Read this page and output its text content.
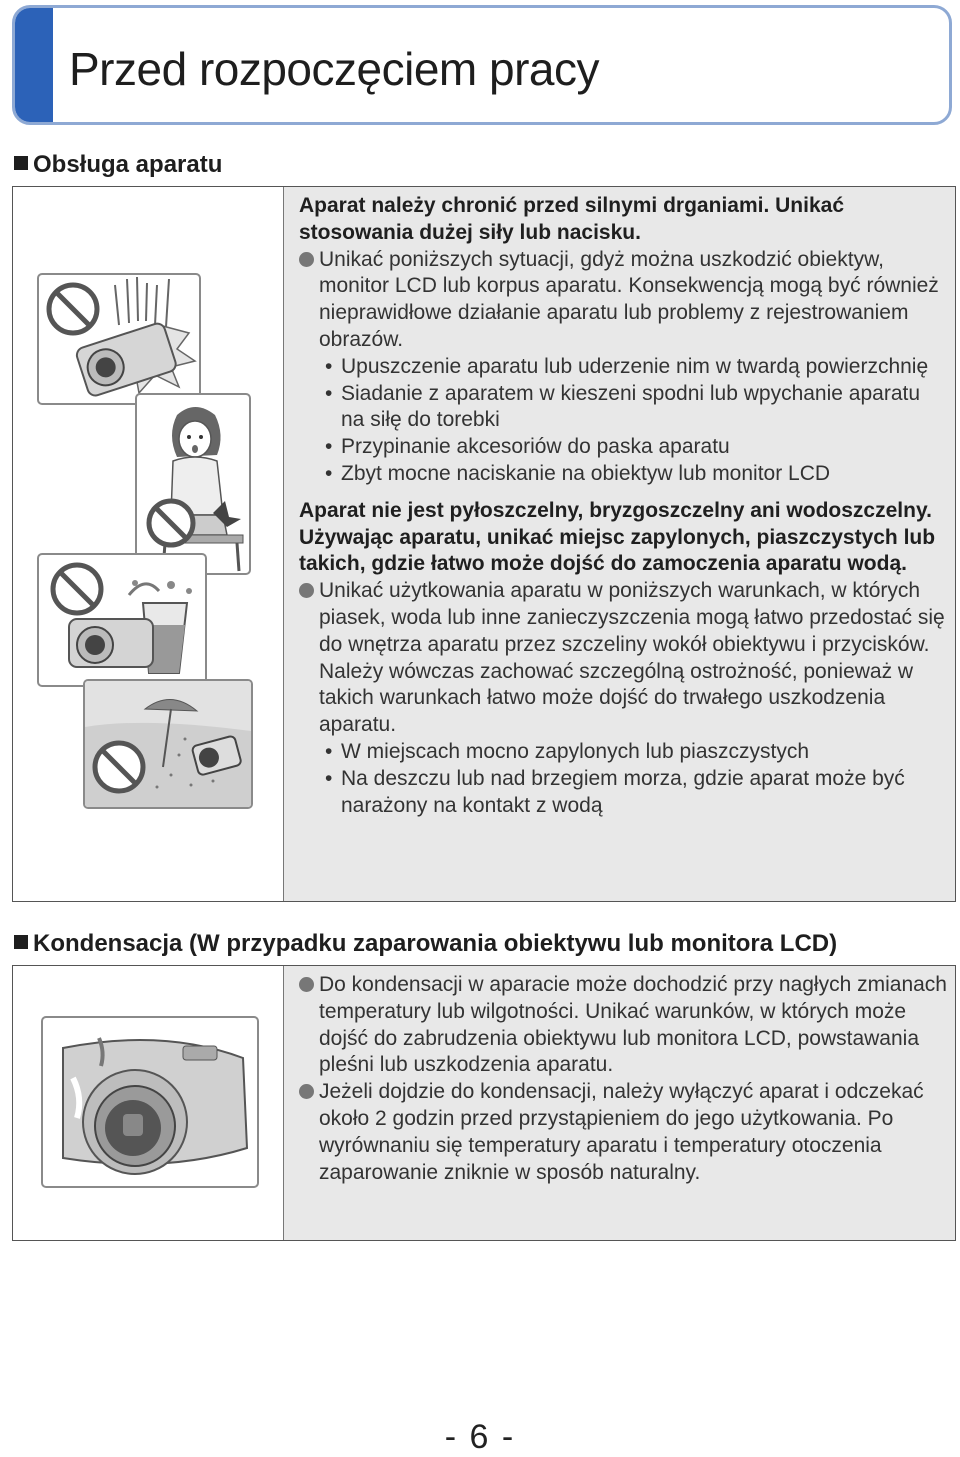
Przed rozpoczęciem pracy
Obsługa aparatu

Aparat należy chronić przed silnymi drganiami. Unikać stosowania dużej siły lub nacisku.

Unikać poniższych sytuacji, gdyż można uszkodzić obiektyw, monitor LCD lub korpus aparatu. Konsekwencją mogą być również nieprawidłowe działanie aparatu lub problemy z rejestrowaniem obrazów.

• Upuszczenie aparatu lub uderzenie nim w twardą powierzchnię

• Siadanie z aparatem w kieszeni spodni lub wpychanie aparatu na siłę do torebki

• Przypinanie akcesoriów do paska aparatu

• Zbyt mocne naciskanie na obiektyw lub monitor LCD

Aparat nie jest pyłoszczelny, bryzgoszczelny ani wodoszczelny.

Używając aparatu, unikać miejsc zapylonych, piaszczystych lub takich, gdzie łatwo może dojść do zamoczenia aparatu wodą.

Unikać użytkowania aparatu w poniższych warunkach, w których piasek, woda lub inne zanieczyszczenia mogą łatwo przedostać się do wnętrza aparatu przez szczeliny wokół obiektywu i przycisków. Należy wówczas zachować szczególną ostrożność, ponieważ w takich warunkach łatwo może dojść do trwałego uszkodzenia aparatu.

• W miejscach mocno zapylonych lub piaszczystych

• Na deszczu lub nad brzegiem morza, gdzie aparat może być narażony na kontakt z wodą

Kondensacja (W przypadku zaparowania obiektywu lub monitora LCD)

Do kondensacji w aparacie może dochodzić przy nagłych zmianach temperatury lub wilgotności. Unikać warunków, w których może dojść do zabrudzenia obiektywu lub monitora LCD, powstawania pleśni lub uszkodzenia aparatu.

Jeżeli dojdzie do kondensacji, należy wyłączyć aparat i odczekać około 2 godzin przed przystąpieniem do jego użytkowania. Po wyrównaniu się temperatury aparatu i temperatury otoczenia zaparowanie zniknie w sposób naturalny.

- 6 -
